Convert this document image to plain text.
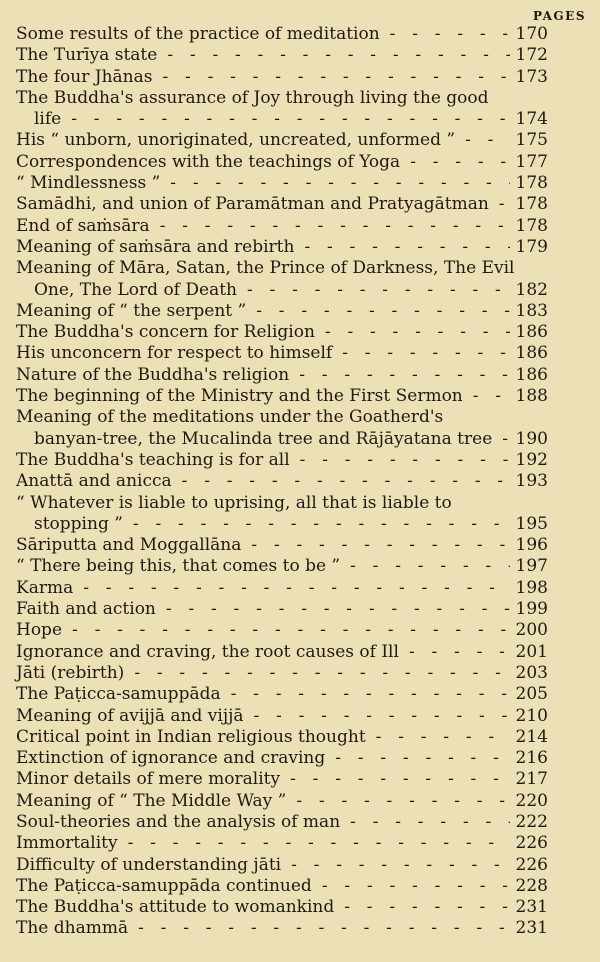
PAGES
Some results of the practice of meditation - -	170
The Turīya state - -	172
The four Jhānas - -	173
The Buddha's assurance of Joy through living the good
life - -	174
His “ unborn, unoriginated, uncreated, unformed ” - -	175
Correspondences with the teachings of Yoga - -	177
“ Mindlessness ” - -	178
Samādhi, and union of Paramātman and Pratyagātman - -	178
End of saṁsāra - -	178
Meaning of saṁsāra and rebirth - -	179
Meaning of Māra, Satan, the Prince of Darkness, The Evil
One, The Lord of Death - -	182
Meaning of “ the serpent ” - -	183
The Buddha's concern for Religion - -	186
His unconcern for respect to himself - -	186
Nature of the Buddha's religion - -	186
The beginning of the Ministry and the First Sermon - -	188
Meaning of the meditations under the Goatherd's
banyan-tree, the Mucalinda tree and Rājāyatana tree - -	190
The Buddha's teaching is for all - -	192
Anattā and anicca - -	193
“ Whatever is liable to uprising, all that is liable to
stopping ” - -	195
Sāriputta and Moggallāna - -	196
“ There being this, that comes to be ” - -	197
Karma - -	198
Faith and action - -	199
Hope - -	200
Ignorance and craving, the root causes of Ill - -	201
Jāti (rebirth) - -	203
The Paṭicca-samuppāda - -	205
Meaning of avijjā and vijjā - -	210
Critical point in Indian religious thought - -	214
Extinction of ignorance and craving - -	216
Minor details of mere morality - -	217
Meaning of “ The Middle Way ” - -	220
Soul-theories and the analysis of man - -	222
Immortality - -	226
Difficulty of understanding jāti - -	226
The Paṭicca-samuppāda continued - -	228
The Buddha's attitude to womankind - -	231
The dhammā - -	231
